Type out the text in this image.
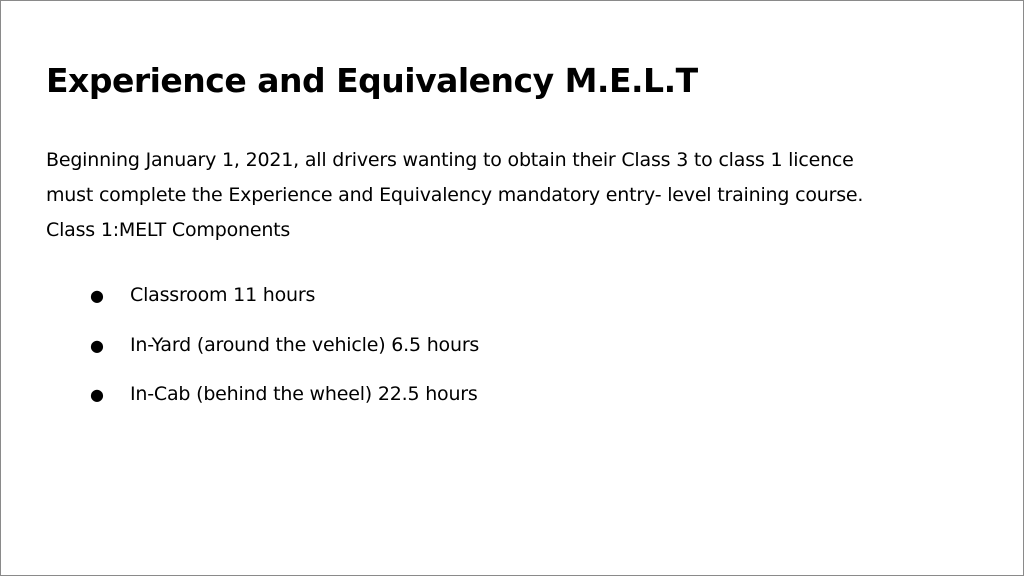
Experience and Equivalency M.E.L.T
Beginning January 1, 2021, all drivers wanting to obtain their Class 3 to class 1 licence
must complete the Experience and Equivalency mandatory entry- level training course.
Class 1:MELT Components
● Classroom 11 hours
● In-Yard (around the vehicle) 6.5 hours
● In-Cab (behind the wheel) 22.5 hours
